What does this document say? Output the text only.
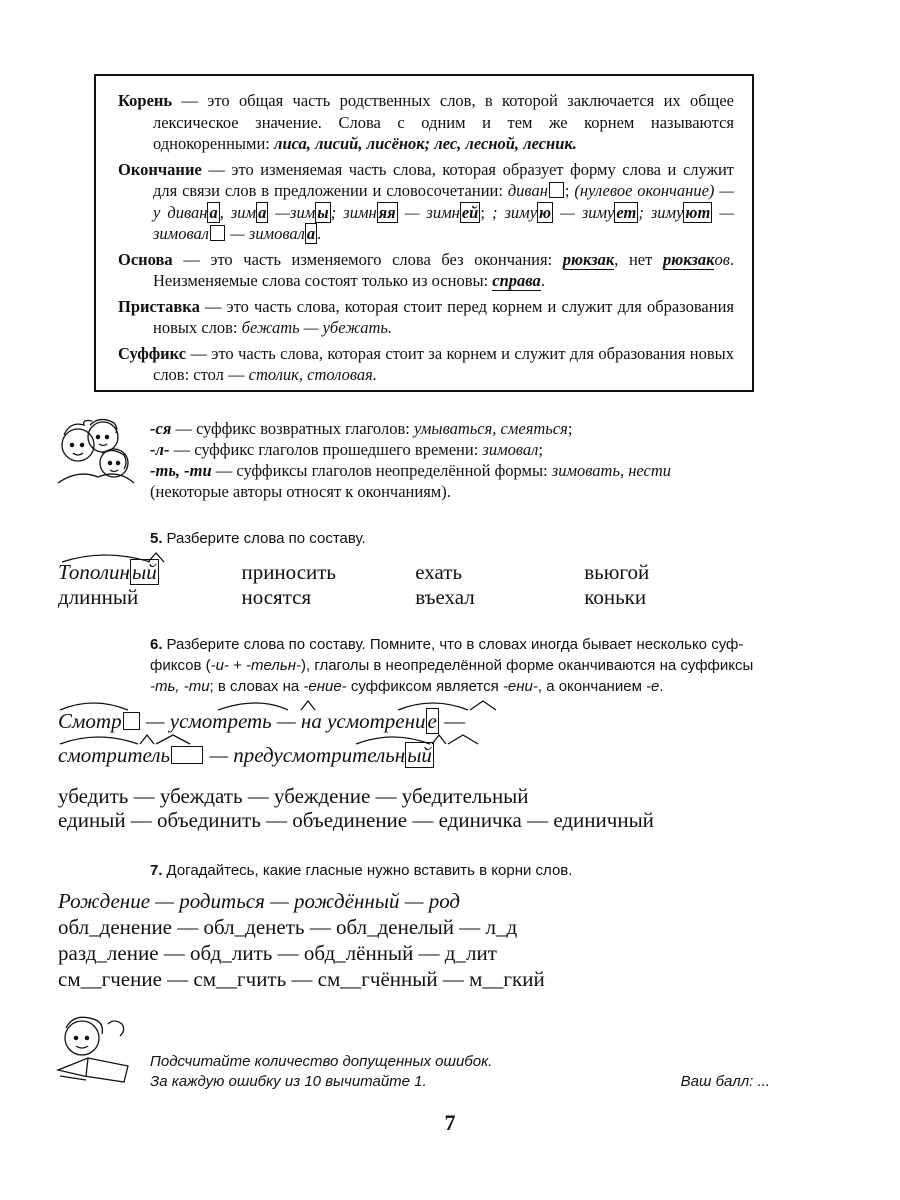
Корень — это общая часть родственных слов, в которой заключается их общее лексическое значение. Слова с одним и тем же корнем называются однокоренными: лиса, лисий, лисёнок; лес, лесной, лесник.

Окончание — это изменяемая часть слова, которая образует форму слова и служит для связи слов в предложении и словосочетании: диван ; (нулевое окончание) — у диван а , зим а —зим ы ; зимн яя — зимн ей ; ; зиму ю — зиму ет ; зиму ют — зимовал — зимовал а .

Основа — это часть изменяемого слова без окончания: рюкзак, нет рюкзаков. Неизменяемые слова состоят только из основы: справа.

Приставка — это часть слова, которая стоит перед корнем и служит для образования новых слов: бежать — убежать.

Суффикс — это часть слова, которая стоит за корнем и служит для образования новых слов: стол — столик, столовая.

-ся — суффикс возвратных глаголов: умываться, смеяться;

-л- — суффикс глаголов прошедшего времени: зимовал;

-ть, -ти — суффиксы глаголов неопределённой формы: зимовать, нести

(некоторые авторы относят к окончаниям).

5. Разберите слова по составу.
Тополиный	приносить	ехать	вьюгой
длинный	носятся	въехал	коньки
6. Разберите слова по составу. Помните, что в словах иногда бывает несколько суф-
фиксов (-и- + -тельн-), глаголы в неопределённой форме оканчиваются на суффиксы
-ть, -ти; в словах на -ение- суффиксом является -ени-, а окончанием -е.
Смотр — усмотреть — на усмотрение —
смотритель — предусмотрительный
убедить — убеждать — убеждение — убедительный
единый — объединить — объединение — единичка — единичный
7. Догадайтесь, какие гласные нужно вставить в корни слов.
Рождение — родиться — рождённый — род
обл_денение — обл_денеть — обл_денелый — л_д
разд_ление — обд_лить — обд_лённый — д_лит
см__гчение — см__гчить — см__гчённый — м__гкий
Подсчитайте количество допущенных ошибок.
За каждую ошибку из 10 вычитайте 1.	Ваш балл: ...
7
